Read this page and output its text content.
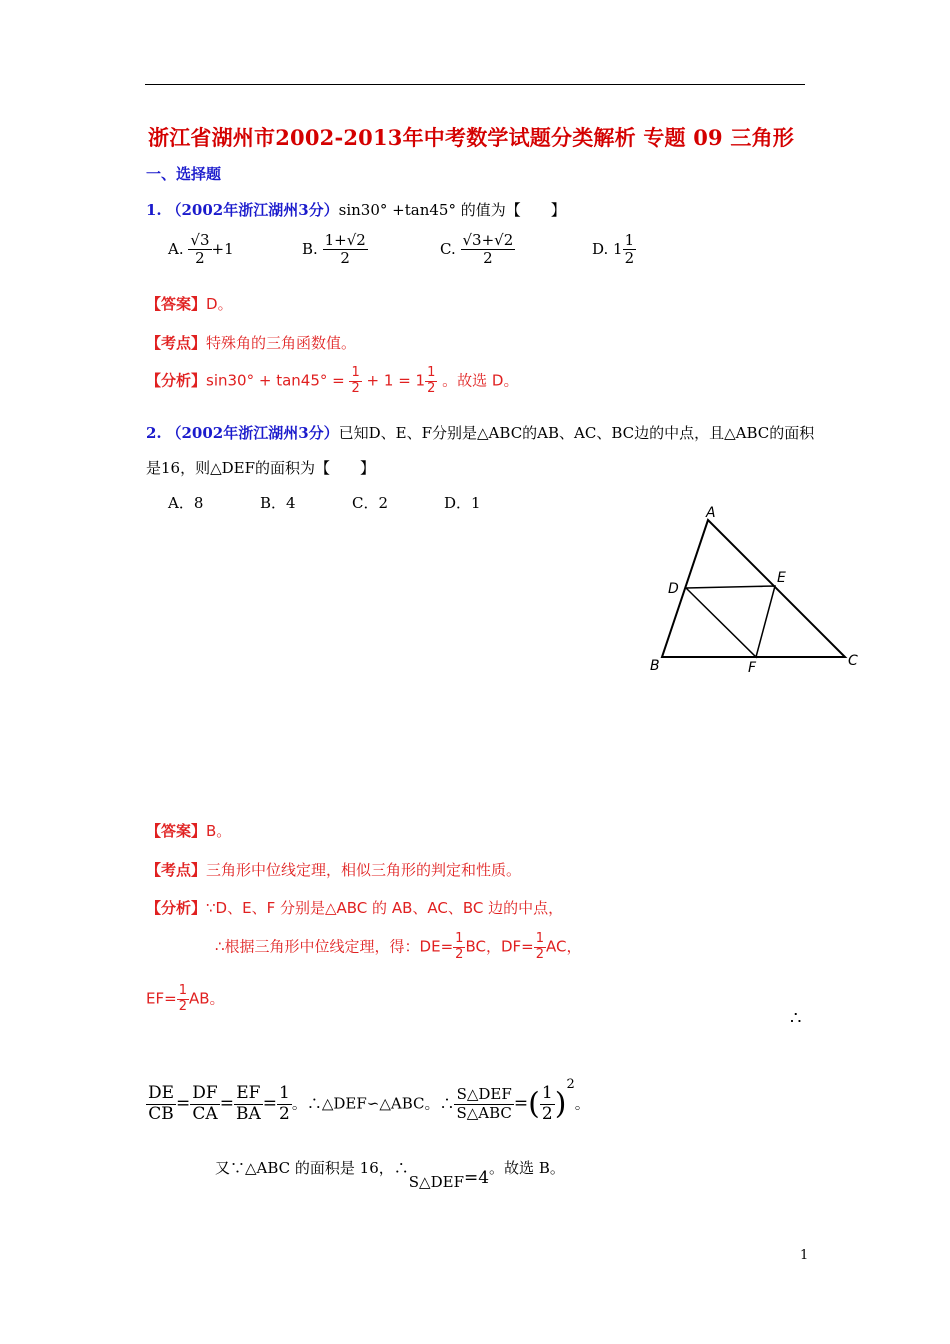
浙江省湖州市2002-2013年中考数学试题分类解析 专题 09 三角形
一、选择题
1. （2002年浙江湖州3分）sin30° +tan45° 的值为【　　】
A. $\frac{√3}{2} +1$	B. $\frac{1+√2}{2}$	C. $\frac{√3+√2}{2}$	D. $1 \frac{1}{2}$
【答案】D。
【考点】特殊角的三角函数值。
【分析】$\sin 30^\circ + \tan 45^\circ = \frac{1}{2} + 1 = 1 \frac{1}{2}$ 。故选 D。
2. （2002年浙江湖州3分）已知D、E、F分别是△ABC的AB、AC、BC边的中点，且△ABC的面积
是16，则△DEF的面积为【　　】
A．8	B．4	C．2	D．1
A
D
E
B	F	C
【答案】B。
【考点】三角形中位线定理，相似三角形的判定和性质。
【分析】∵D、E、F 分别是△ABC 的 AB、AC、BC 边的中点，
∴根据三角形中位线定理，得：$DE= \frac{1}{2}$ BC，$DF= \frac{1}{2}$ AC，
$EF= \frac{1}{2}$ AB。
∴
$\frac{DE}{CB} = \frac{DF}{CA} = \frac{EF}{BA} = \frac{1}{2}$ 。∴△DEF∽△ABC。∴ $\frac{\text{S△DEF}}{\text{S△ABC}}$ =( $\frac{1}{2} )^2$。
又∵△ABC 的面积是 16，∴S△DEF=4。故选 B。
1
